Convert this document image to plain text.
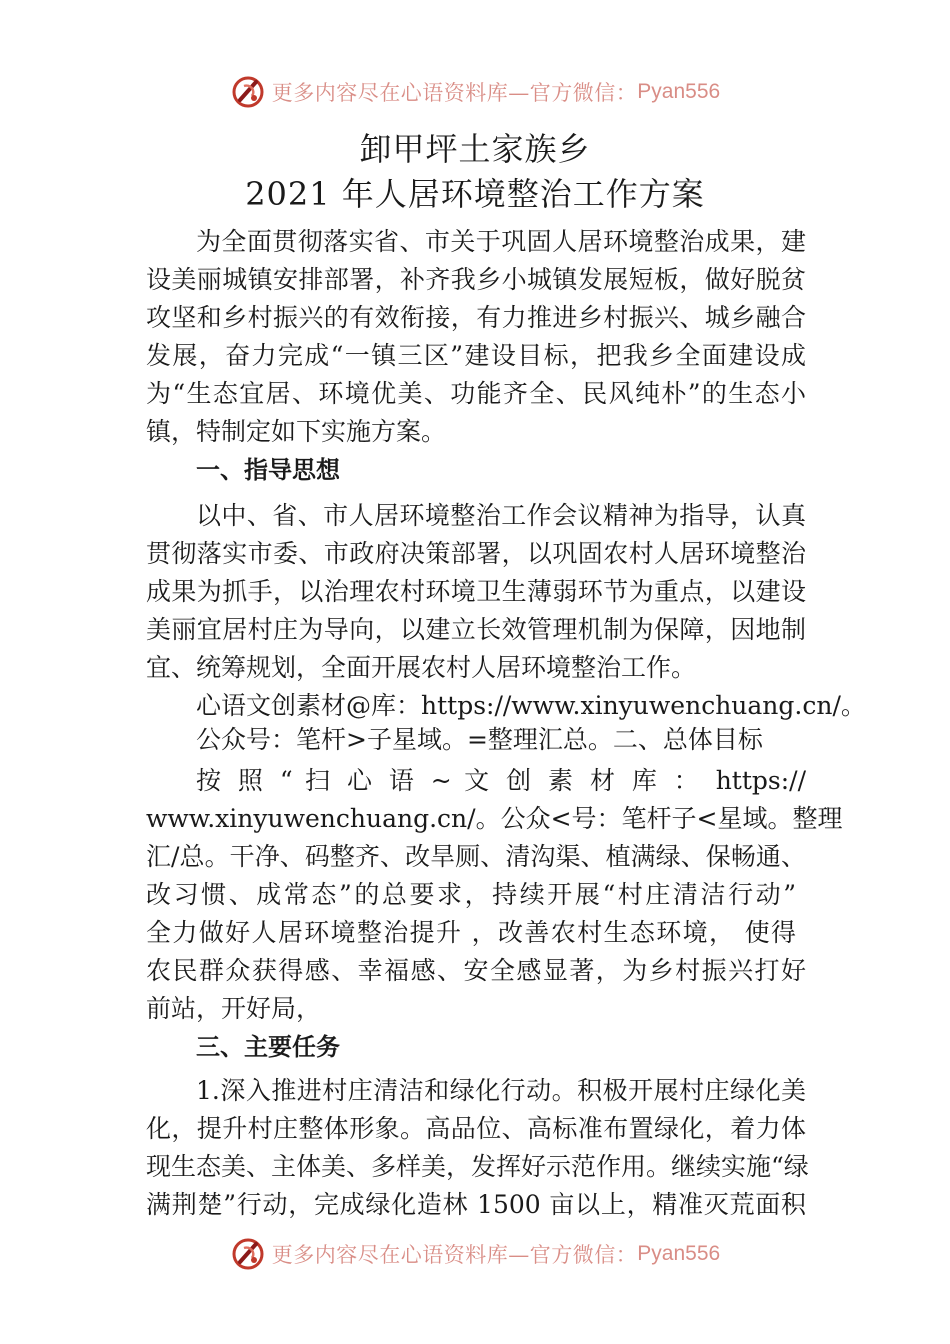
更多内容尽在心语资料库—官方微信： Pyan556
卸甲坪土家族乡
2021 年人居环境整治工作方案
为全面贯彻落实省、市关于巩固人居环境整治成果，建
设美丽城镇安排部署，补齐我乡小城镇发展短板，做好脱贫
攻坚和乡村振兴的有效衔接，有力推进乡村振兴、城乡融合
发展，奋力完成“一镇三区”建设目标，把我乡全面建设成
为“生态宜居、环境优美、功能齐全、民风纯朴”的生态小
镇，特制定如下实施方案。
一、指导思想
以中、省、市人居环境整治工作会议精神为指导，认真
贯彻落实市委、市政府决策部署，以巩固农村人居环境整治
成果为抓手，以治理农村环境卫生薄弱环节为重点，以建设
美丽宜居村庄为导向，以建立长效管理机制为保障，因地制
宜、统筹规划，全面开展农村人居环境整治工作。
心语文创素材@库：https://www.xinyuwenchuang.cn/。
公众号：笔杆>子星域。=整理汇总。二、总体目标
按 照 “ 扫 心 语 ~ 文 创 素 材 库 ： https://
www.xinyuwenchuang.cn/。公众<号：笔杆子<星域。整理
汇/总。干净、码整齐、改旱厕、清沟渠、植满绿、保畅通、
改习惯、成常态”的总要求，持续开展“村庄清洁行动”
全力做好人居环境整治提升 ，改善农村生态环境， 使得
农民群众获得感、幸福感、安全感显著，为乡村振兴打好
前站，开好局，
三、主要任务
1.深入推进村庄清洁和绿化行动。积极开展村庄绿化美
化，提升村庄整体形象。高品位、高标准布置绿化，着力体
现生态美、主体美、多样美，发挥好示范作用。继续实施“绿
满荆楚”行动，完成绿化造林 1500 亩以上，精准灭荒面积
更多内容尽在心语资料库—官方微信： Pyan556
